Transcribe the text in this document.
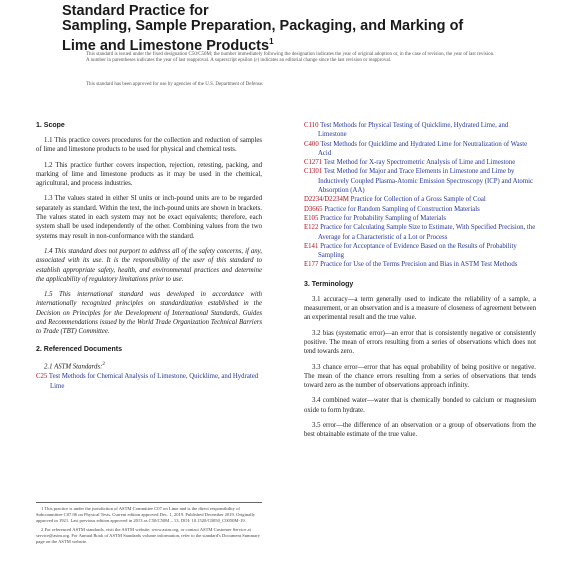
Standard Practice for
Sampling, Sample Preparation, Packaging, and Marking of
Lime and Limestone Products$^1$

This standard is issued under the fixed designation C50/C50M; the number immediately following the designation indicates the year of original adoption or, in the case of revision, the year of last revision. A number in parentheses indicates the year of last reapproval. A superscript epsilon (ε) indicates an editorial change since the last revision or reapproval.

This standard has been approved for use by agencies of the U.S. Department of Defense.

1. Scope

1.1 This practice covers procedures for the collection and reduction of samples of lime and limestone products to be used for physical and chemical tests.

1.2 This practice further covers inspection, rejection, retesting, packing, and marking of lime and limestone products as it may be used in the chemical, agricultural, and process industries.

1.3 The values stated in either SI units or inch-pound units are to be regarded separately as standard. Within the text, the inch-pound units are shown in brackets. The values stated in each system may not be exact equivalents; therefore, each system shall be used independently of the other. Combining values from the two systems may result in non-conformance with the standard.

1.4 This standard does not purport to address all of the safety concerns, if any, associated with its use. It is the responsibility of the user of this standard to establish appropriate safety, health, and environmental practices and determine the applicability of regulatory limitations prior to use.

1.5 This international standard was developed in accordance with internationally recognized principles on standardization established in the Decision on Principles for the Development of International Standards, Guides and Recommendations issued by the World Trade Organization Technical Barriers to Trade (TBT) Committee.

2. Referenced Documents
2.1 ASTM Standards:$^2$
C25 Test Methods for Chemical Analysis of Limestone, Quicklime, and Hydrated Lime
C110 Test Methods for Physical Testing of Quicklime, Hydrated Lime, and Limestone
C400 Test Methods for Quicklime and Hydrated Lime for Neutralization of Waste Acid
C1271 Test Method for X-ray Spectrometric Analysis of Lime and Limestone
C1301 Test Method for Major and Trace Elements in Limestone and Lime by Inductively Coupled Plasma-Atomic Emission Spectroscopy (ICP) and Atomic Absorption (AA)
D2234/D2234M Practice for Collection of a Gross Sample of Coal
D3665 Practice for Random Sampling of Construction Materials
E105 Practice for Probability Sampling of Materials
E122 Practice for Calculating Sample Size to Estimate, With Specified Precision, the Average for a Characteristic of a Lot or Process
E141 Practice for Acceptance of Evidence Based on the Results of Probability Sampling
E177 Practice for Use of the Terms Precision and Bias in ASTM Test Methods
3. Terminology

3.1 accuracy—a term generally used to indicate the reliability of a sample, a measurement, or an observation and is a measure of closeness of agreement between an experimental result and the true value.

3.2 bias (systematic error)—an error that is consistently negative or consistently positive. The mean of errors resulting from a series of observations which does not tend towards zero.

3.3 chance error—error that has equal probability of being positive or negative. The mean of the chance errors resulting from a series of observations that tends toward zero as the number of observations approach infinity.

3.4 combined water—water that is chemically bonded to calcium or magnesium oxide to form hydrate.

3.5 error—the difference of an observation or a group of observations from the best obtainable estimate of the true value.

1 This practice is under the jurisdiction of ASTM Committee C07 on Lime and is the direct responsibility of Subcommittee C07.06 on Physical Tests. Current edition approved Dec. 1, 2019. Published December 2019. Originally approved in 1921. Last previous edition approved in 2013 as C50/C50M – 13. DOI: 10.1520/C0050_C0050M-19.

2 For referenced ASTM standards, visit the ASTM website, www.astm.org, or contact ASTM Customer Service at service@astm.org. For Annual Book of ASTM Standards volume information, refer to the standard's Document Summary page on the ASTM website.
